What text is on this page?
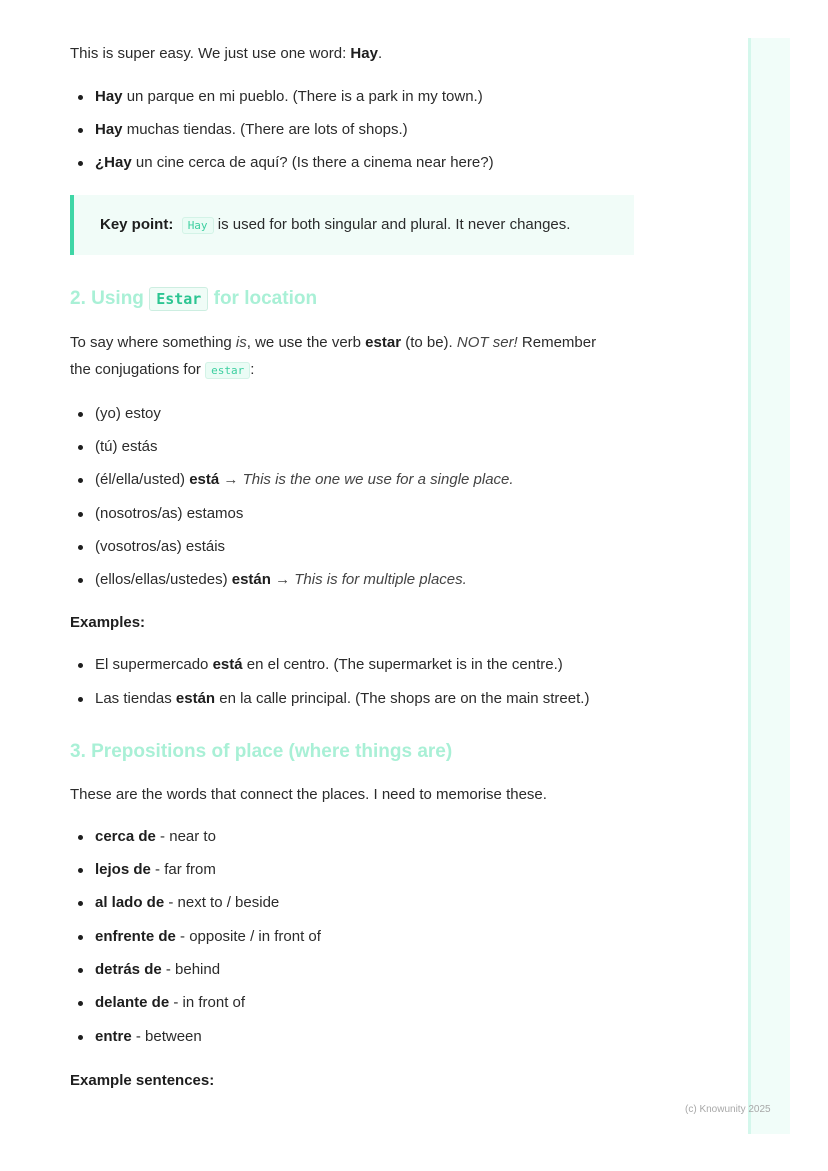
This is super easy. We just use one word: Hay.

Hay un parque en mi pueblo. (There is a park in my town.)

Hay muchas tiendas. (There are lots of shops.)

¿Hay un cine cerca de aquí? (Is there a cinema near here?)

Key point: Hay is used for both singular and plural. It never changes.
2. Using Estar for location

To say where something is, we use the verb estar (to be). NOT ser! Remember

the conjugations for estar :

(yo) estoy

(tú) estás

(él/ella/usted) está → This is the one we use for a single place.

(nosotros/as) estamos

(vosotros/as) estáis

(ellos/ellas/ustedes) están → This is for multiple places.

Examples:

El supermercado está en el centro. (The supermarket is in the centre.)

Las tiendas están en la calle principal. (The shops are on the main street.)

3. Prepositions of place (where things are)

These are the words that connect the places. I need to memorise these.

cerca de - near to

lejos de - far from

al lado de - next to / beside

enfrente de - opposite / in front of

detrás de - behind

delante de - in front of

entre - between

Example sentences:

(c) Knowunity 2025
